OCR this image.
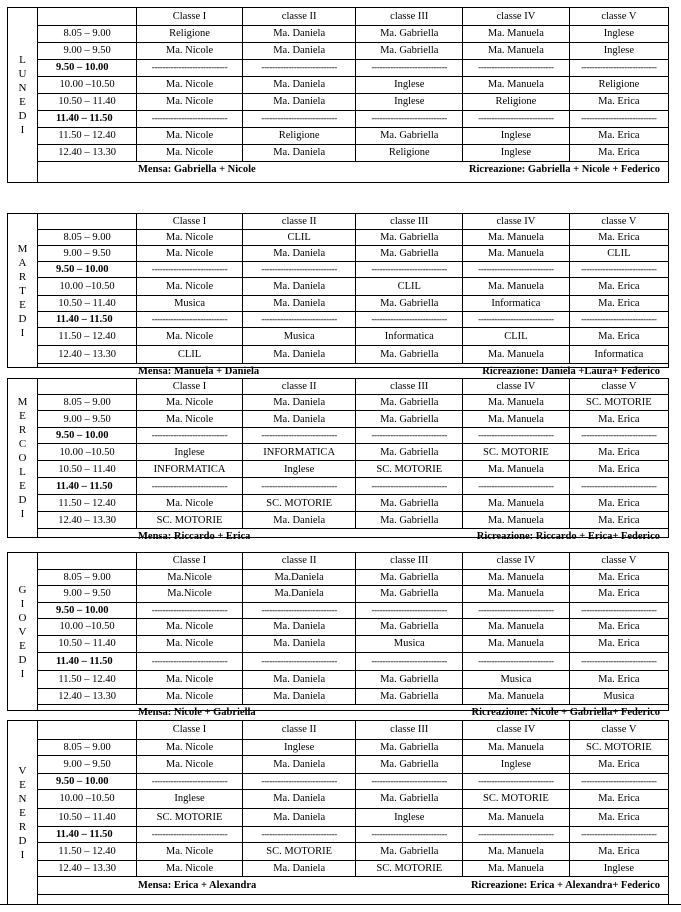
L
U
N
E
D
I
	Classe I	classe II	classe III	classe IV	classe V
8.05 – 9.00	Religione	Ma. Daniela	Ma. Gabriella	Ma. Manuela	Inglese
9.00 – 9.50	Ma. Nicole	Ma. Daniela	Ma. Gabriella	Ma. Manuela	Inglese
9.50 – 10.00	----------------------------	----------------------------	----------------------------	----------------------------	----------------------------
10.00 –10.50	Ma. Nicole	Ma. Daniela	Inglese	Ma. Manuela	Religione
10.50 – 11.40	Ma. Nicole	Ma. Daniela	Inglese	Religione	Ma. Erica
11.40 – 11.50	----------------------------	----------------------------	----------------------------	----------------------------	----------------------------
11.50 – 12.40	Ma. Nicole	Religione	Ma. Gabriella	Inglese	Ma. Erica
12.40 – 13.30	Ma. Nicole	Ma. Daniela	Religione	Inglese	Ma. Erica

Mensa: Gabriella + Nicole Ricreazione: Gabriella + Nicole + Federico					
M
A
R
T
E
D
I
	Classe I	classe II	classe III	classe IV	classe V
8.05 – 9.00	Ma. Nicole	CLIL	Ma. Gabriella	Ma. Manuela	Ma. Erica
9.00 – 9.50	Ma. Nicole	Ma. Daniela	Ma. Gabriella	Ma. Manuela	CLIL
9.50 – 10.00	----------------------------	----------------------------	----------------------------	----------------------------	----------------------------
10.00 –10.50	Ma. Nicole	Ma. Daniela	CLIL	Ma. Manuela	Ma. Erica
10.50 – 11.40	Musica	Ma. Daniela	Ma. Gabriella	Informatica	Ma. Erica
11.40 – 11.50	----------------------------	----------------------------	----------------------------	----------------------------	----------------------------
11.50 – 12.40	Ma. Nicole	Musica	Informatica	CLIL	Ma. Erica
12.40 – 13.30	CLIL	Ma. Daniela	Ma. Gabriella	Ma. Manuela	Informatica

Mensa: Manuela + Daniela Ricreazione: Daniela +Laura+ Federico					
M
E
R
C
O
L
E
D
I
	Classe I	classe II	classe III	classe IV	classe V
8.05 – 9.00	Ma. Nicole	Ma. Daniela	Ma. Gabriella	Ma. Manuela	SC. MOTORIE
9.00 – 9.50	Ma. Nicole	Ma. Daniela	Ma. Gabriella	Ma. Manuela	Ma. Erica
9.50 – 10.00	----------------------------	----------------------------	----------------------------	----------------------------	----------------------------
10.00 –10.50	Inglese	INFORMATICA	Ma. Gabriella	SC. MOTORIE	Ma. Erica
10.50 – 11.40	INFORMATICA	Inglese	SC. MOTORIE	Ma. Manuela	Ma. Erica
11.40 – 11.50	----------------------------	----------------------------	----------------------------	----------------------------	----------------------------
11.50 – 12.40	Ma. Nicole	SC. MOTORIE	Ma. Gabriella	Ma. Manuela	Ma. Erica
12.40 – 13.30	SC. MOTORIE	Ma. Daniela	Ma. Gabriella	Ma. Manuela	Ma. Erica

Mensa: Riccardo + Erica Ricreazione: Riccardo + Erica+ Federico					
G
I
O
V
E
D
I
	Classe I	classe II	classe III	classe IV	classe V
8.05 – 9.00	Ma.Nicole	Ma.Daniela	Ma. Gabriella	Ma. Manuela	Ma. Erica
9.00 – 9.50	Ma.Nicole	Ma.Daniela	Ma. Gabriella	Ma. Manuela	Ma. Erica
9.50 – 10.00	----------------------------	----------------------------	----------------------------	----------------------------	----------------------------
10.00 –10.50	Ma. Nicole	Ma. Daniela	Ma. Gabriella	Ma. Manuela	Ma. Erica
10.50 – 11.40	Ma. Nicole	Ma. Daniela	Musica	Ma. Manuela	Ma. Erica
11.40 – 11.50	----------------------------	----------------------------	----------------------------	----------------------------	----------------------------
11.50 – 12.40	Ma. Nicole	Ma. Daniela	Ma. Gabriella	Musica	Ma. Erica
12.40 – 13.30	Ma. Nicole	Ma. Daniela	Ma. Gabriella	Ma. Manuela	Musica

Mensa: Nicole + Gabriella Ricreazione: Nicole + Gabriella+ Federico					
V
E
N
E
R
D
I
	Classe I	classe II	classe III	classe IV	classe V
8.05 – 9.00	Ma. Nicole	Inglese	Ma. Gabriella	Ma. Manuela	SC. MOTORIE
9.00 – 9.50	Ma. Nicole	Ma. Daniela	Ma. Gabriella	Inglese	Ma. Erica
9.50 – 10.00	----------------------------	----------------------------	----------------------------	----------------------------	----------------------------
10.00 –10.50	Inglese	Ma. Daniela	Ma. Gabriella	SC. MOTORIE	Ma. Erica
10.50 – 11.40	SC. MOTORIE	Ma. Daniela	Inglese	Ma. Manuela	Ma. Erica
11.40 – 11.50	----------------------------	----------------------------	----------------------------	----------------------------	----------------------------
11.50 – 12.40	Ma. Nicole	SC. MOTORIE	Ma. Gabriella	Ma. Manuela	Ma. Erica
12.40 – 13.30	Ma. Nicole	Ma. Daniela	SC. MOTORIE	Ma. Manuela	Inglese

Mensa: Erica + Alexandra Ricreazione: Erica + Alexandra+ Federico					
